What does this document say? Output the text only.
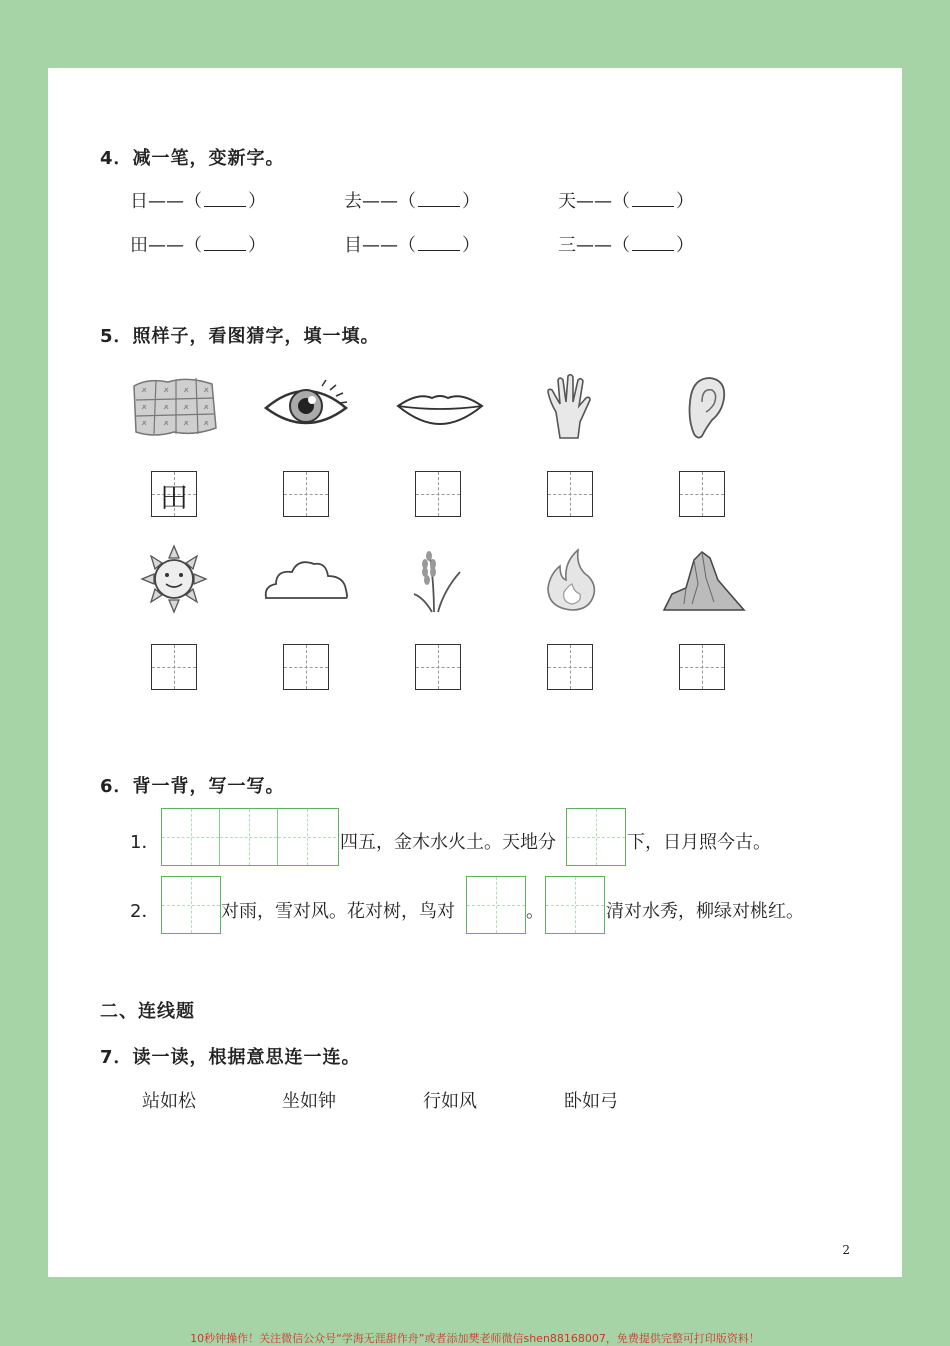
4．减一笔，变新字。
日——（	）	去——（	）	天——（	）
田——（	）	目——（	）	三——（	）
5．照样子，看图猜字，填一填。
田
6．背一背，写一写。
1．	四五，金木水火土。天地分	下，日月照今古。
2．	对雨，雪对风。花对树，鸟对	。	清对水秀，柳绿对桃红。
二、连线题
7．读一读，根据意思连一连。
站如松	坐如钟	行如风	卧如弓
2
10秒钟操作！关注微信公众号“学海无涯甜作舟”或者添加樊老师微信shen88168007，免费提供完整可打印版资料！
